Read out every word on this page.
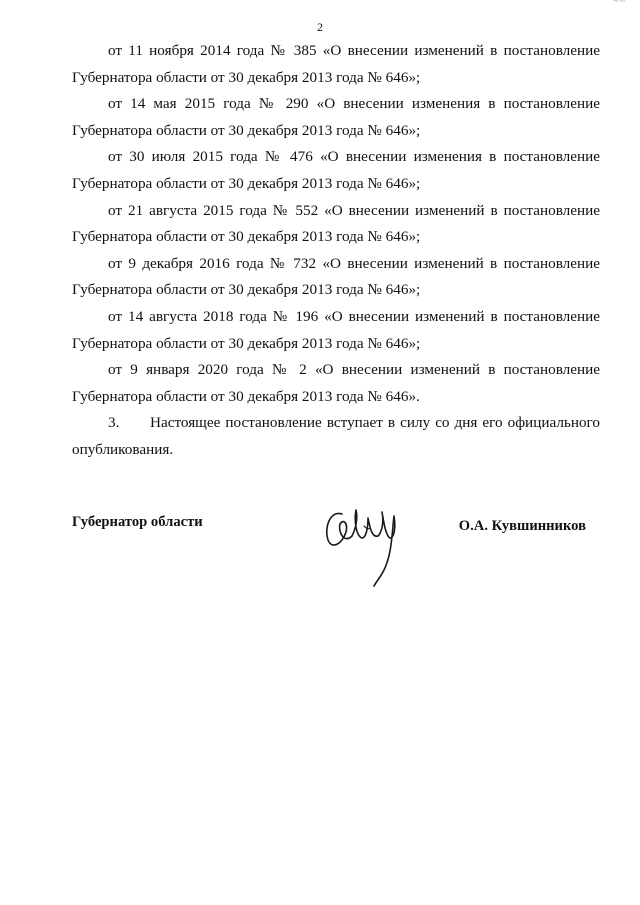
~~
2

от 11 ноября 2014 года № 385 «О внесении изменений в постановление Губернатора области от 30 декабря 2013 года № 646»;

от 14 мая 2015 года № 290 «О внесении изменения в постановление Губернатора области от 30 декабря 2013 года № 646»;

от 30 июля 2015 года № 476 «О внесении изменения в постановление Губернатора области от 30 декабря 2013 года № 646»;

от 21 августа 2015 года № 552 «О внесении изменений в постановление Губернатора области от 30 декабря 2013 года № 646»;

от 9 декабря 2016 года № 732 «О внесении изменений в постановление Губернатора области от 30 декабря 2013 года № 646»;

от 14 августа 2018 года № 196 «О внесении изменений в постановление Губернатора области от 30 декабря 2013 года № 646»;

от 9 января 2020 года № 2 «О внесении изменений в постановление Губернатора области от 30 декабря 2013 года № 646».

3. Настоящее постановление вступает в силу со дня его официального опубликования.

Губернатор области	О.А. Кувшинников
